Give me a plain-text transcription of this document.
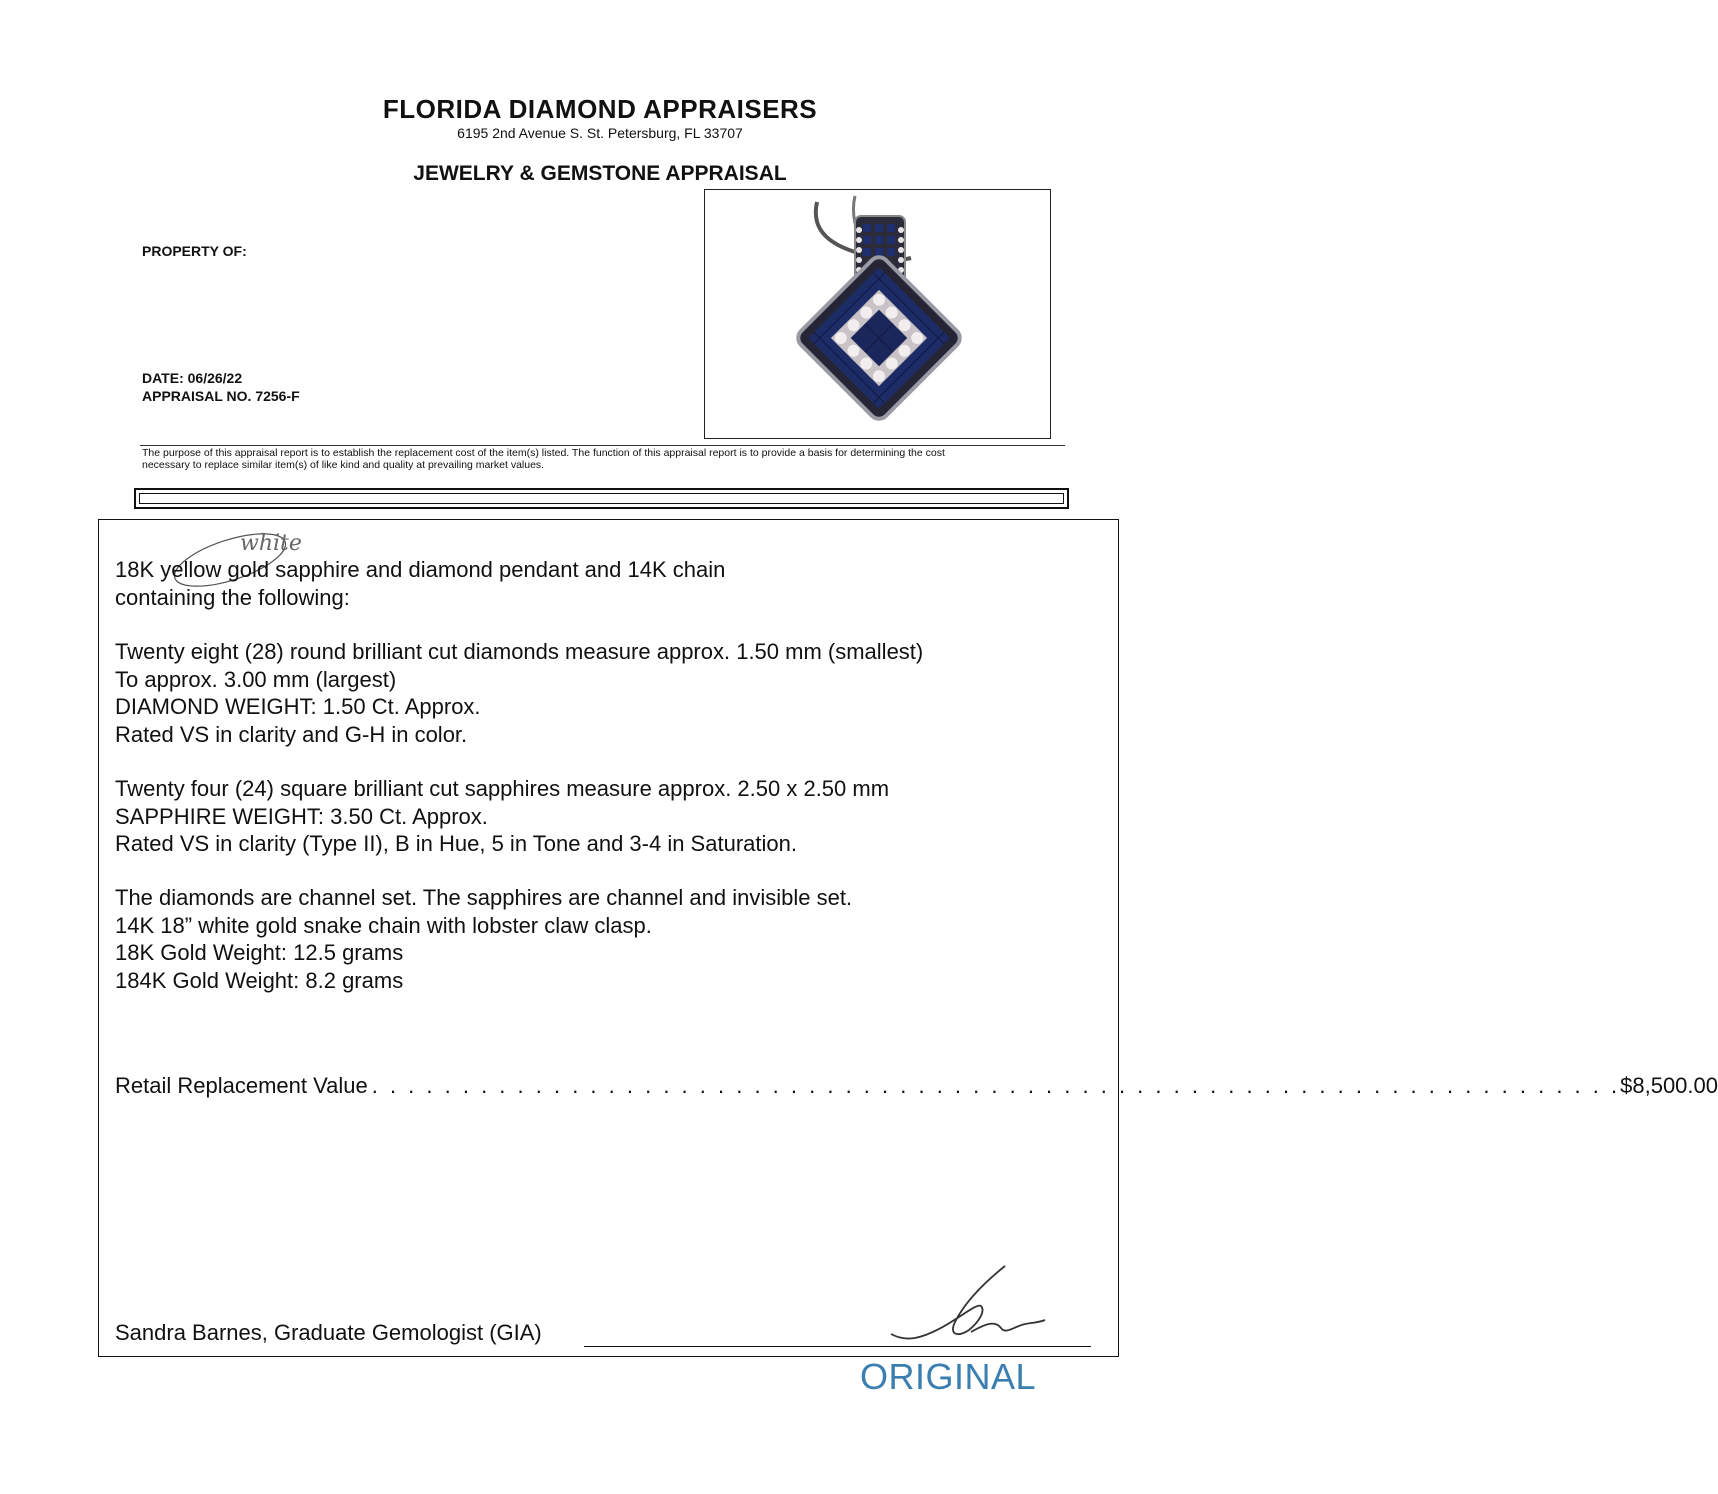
FLORIDA DIAMOND APPRAISERS
6195 2nd Avenue S. St. Petersburg, FL 33707
JEWELRY & GEMSTONE APPRAISAL
PROPERTY OF:
DATE: 06/26/22
APPRAISAL NO. 7256-F
The purpose of this appraisal report is to establish the replacement cost of the item(s) listed. The function of this appraisal report is to provide a basis for determining the cost
necessary to replace similar item(s) of like kind and quality at prevailing market values.
white
18K yellow gold sapphire and diamond pendant and 14K chain
containing the following:
Twenty eight (28) round brilliant cut diamonds measure approx. 1.50 mm (smallest)
To approx. 3.00 mm (largest)
DIAMOND WEIGHT: 1.50 Ct. Approx.
Rated VS in clarity and G-H in color.
Twenty four (24) square brilliant cut sapphires measure approx. 2.50 x 2.50 mm
SAPPHIRE WEIGHT: 3.50 Ct. Approx.
Rated VS in clarity (Type II), B in Hue, 5 in Tone and 3-4 in Saturation.
The diamonds are channel set. The sapphires are channel and invisible set.
14K 18” white gold snake chain with lobster claw clasp.
18K Gold Weight: 12.5 grams
184K Gold Weight: 8.2 grams
Retail Replacement Value . . . . . . . . . . . . . . . . . . . . . . . . . . . . . . . . . . . . . . . . . . . . . . . . . . . . . . . . . . . . . . . . . . . . . $8,500.00
Sandra Barnes, Graduate Gemologist (GIA)
ORIGINAL
